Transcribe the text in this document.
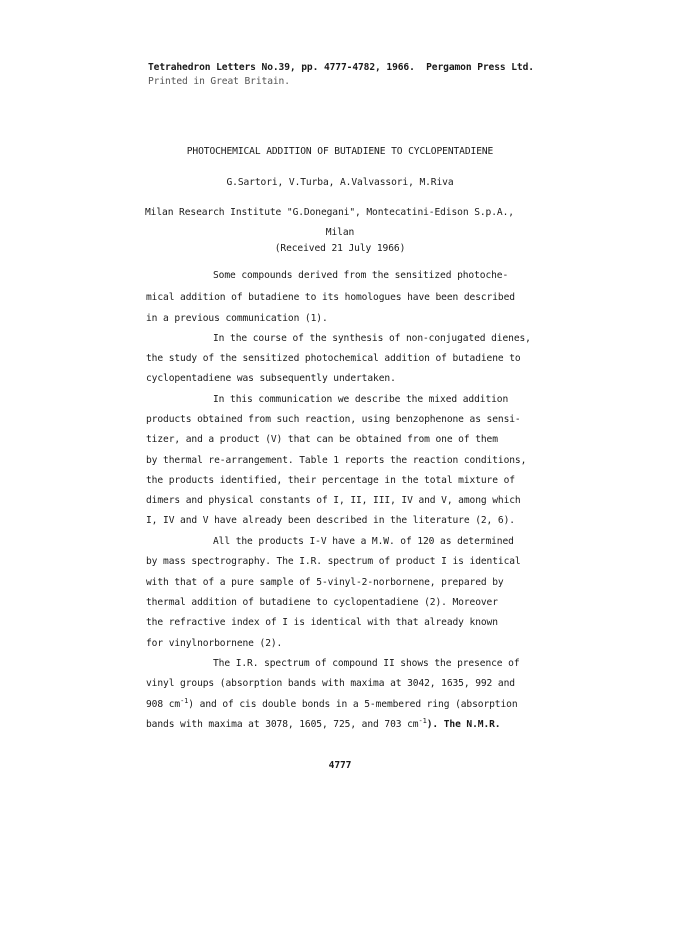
Tetrahedron Letters No.39, pp. 4777-4782, 1966.  Pergamon Press Ltd.
Printed in Great Britain.
PHOTOCHEMICAL ADDITION OF BUTADIENE TO CYCLOPENTADIENE
G.Sartori, V.Turba, A.Valvassori, M.Riva
Milan Research Institute "G.Donegani", Montecatini-Edison S.p.A.,
Milan
(Received 21 July 1966)
Some compounds derived from the sensitized photoche-
mical addition of butadiene to its homologues have been described
in a previous communication (1).
In the course of the synthesis of non-conjugated dienes,
the study of the sensitized photochemical addition of butadiene to
cyclopentadiene was subsequently undertaken.
In this communication we describe the mixed addition
products obtained from such reaction, using benzophenone as sensi-
tizer, and a product (V) that can be obtained from one of them
by thermal re-arrangement. Table 1 reports the reaction conditions,
the products identified, their percentage in the total mixture of
dimers and physical constants of I, II, III, IV and V, among which
I, IV and V have already been described in the literature (2, 6).
All the products I-V have a M.W. of 120 as determined
by mass spectrography. The I.R. spectrum of product I is identical
with that of a pure sample of 5-vinyl-2-norbornene, prepared by
thermal addition of butadiene to cyclopentadiene (2). Moreover
the refractive index of I is identical with that already known
for vinylnorbornene (2).
The I.R. spectrum of compound II shows the presence of
vinyl groups (absorption bands with maxima at 3042, 1635, 992 and
908 $cm^{-1}$) and of cis double bonds in a 5-membered ring (absorption
bands with maxima at 3078, 1605, 725, and 703 $cm^{-1}$). The N.M.R.
4777
